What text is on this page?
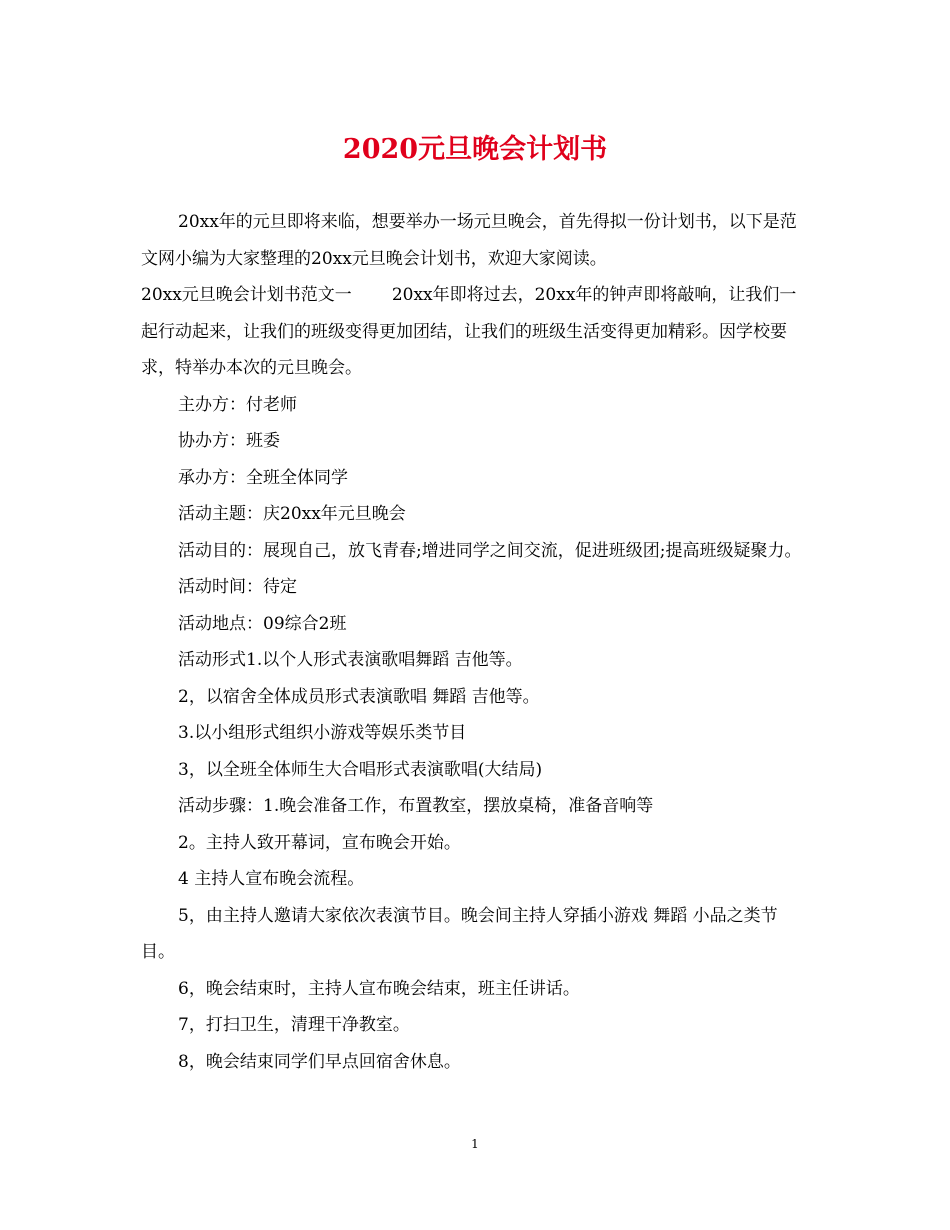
2020元旦晚会计划书

20xx年的元旦即将来临，想要举办一场元旦晚会，首先得拟一份计划书，以下是范文网小编为大家整理的20xx元旦晚会计划书，欢迎大家阅读。

20xx元旦晚会计划书范文一 20xx年即将过去，20xx年的钟声即将敲响，让我们一起行动起来，让我们的班级变得更加团结，让我们的班级生活变得更加精彩。因学校要求，特举办本次的元旦晚会。

主办方：付老师

协办方：班委

承办方：全班全体同学

活动主题：庆20xx年元旦晚会

活动目的：展现自己，放飞青春;增进同学之间交流，促进班级团;提高班级疑聚力。

活动时间：待定

活动地点：09综合2班

活动形式1.以个人形式表演歌唱舞蹈 吉他等。

2，以宿舍全体成员形式表演歌唱 舞蹈 吉他等。

3.以小组形式组织小游戏等娱乐类节目

3，以全班全体师生大合唱形式表演歌唱(大结局)

活动步骤：1.晚会准备工作，布置教室，摆放桌椅，准备音响等

2。主持人致开幕词，宣布晚会开始。

4 主持人宣布晚会流程。

5，由主持人邀请大家依次表演节目。晚会间主持人穿插小游戏 舞蹈 小品之类节目。

6，晚会结束时，主持人宣布晚会结束，班主任讲话。

7，打扫卫生，清理干净教室。

8，晚会结束同学们早点回宿舍休息。

1
